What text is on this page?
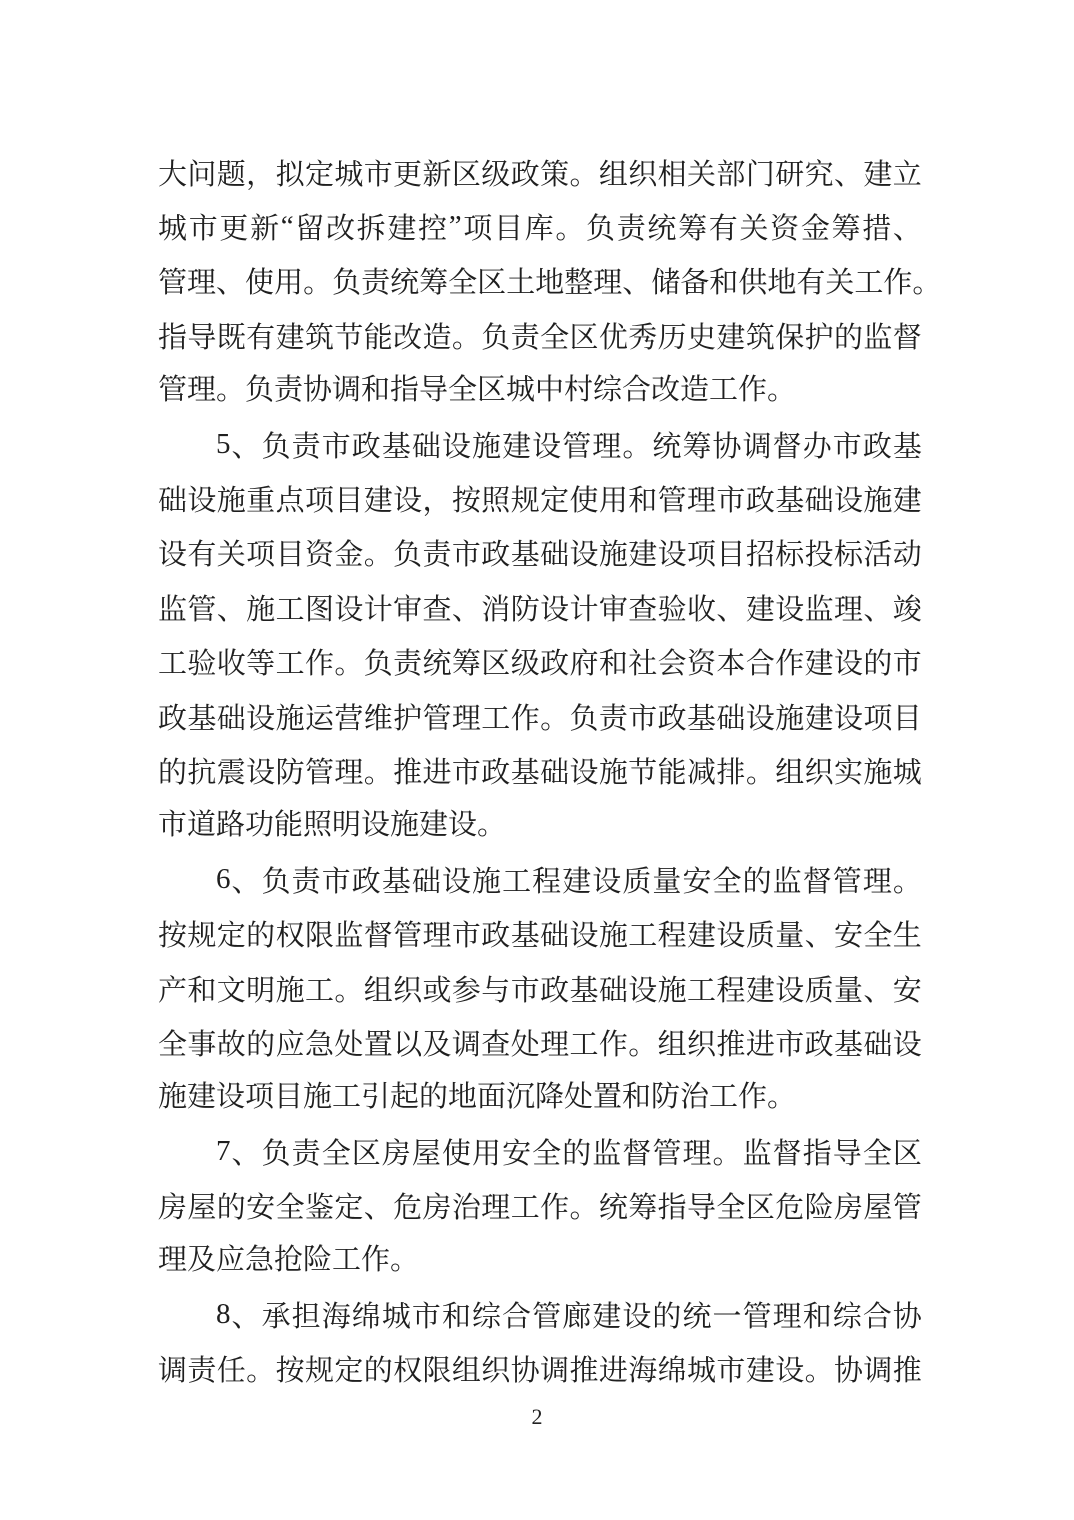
大 问 题 ， 拟 定 城 市 更 新 区 级 政 策 。 组 织 相 关 部 门 研 究 、 建 立
城 市 更 新 “ 留 改 拆 建 控 ” 项 目 库 。 负 责 统 筹 有 关 资 金 筹 措 、
管 理 、 使 用 。 负 责 统 筹 全 区 土 地 整 理 、 储 备 和 供 地 有 关 工 作 。
指 导 既 有 建 筑 节 能 改 造 。 负 责 全 区 优 秀 历 史 建 筑 保 护 的 监 督
管理。负责协调和指导全区城中村综合改造工作。
5 、 负 责 市 政 基 础 设 施 建 设 管 理 。 统 筹 协 调 督 办 市 政 基
础 设 施 重 点 项 目 建 设 ， 按 照 规 定 使 用 和 管 理 市 政 基 础 设 施 建
设 有 关 项 目 资 金 。 负 责 市 政 基 础 设 施 建 设 项 目 招 标 投 标 活 动
监 管 、 施 工 图 设 计 审 查 、 消 防 设 计 审 查 验 收 、 建 设 监 理 、 竣
工 验 收 等 工 作 。 负 责 统 筹 区 级 政 府 和 社 会 资 本 合 作 建 设 的 市
政 基 础 设 施 运 营 维 护 管 理 工 作 。 负 责 市 政 基 础 设 施 建 设 项 目
的 抗 震 设 防 管 理 。 推 进 市 政 基 础 设 施 节 能 减 排 。 组 织 实 施 城
市道路功能照明设施建设。
6 、 负 责 市 政 基 础 设 施 工 程 建 设 质 量 安 全 的 监 督 管 理 。
按 规 定 的 权 限 监 督 管 理 市 政 基 础 设 施 工 程 建 设 质 量 、 安 全 生
产 和 文 明 施 工 。 组 织 或 参 与 市 政 基 础 设 施 工 程 建 设 质 量 、 安
全 事 故 的 应 急 处 置 以 及 调 查 处 理 工 作 。 组 织 推 进 市 政 基 础 设
施建设项目施工引起的地面沉降处置和防治工作。
7 、 负 责 全 区 房 屋 使 用 安 全 的 监 督 管 理 。 监 督 指 导 全 区
房 屋 的 安 全 鉴 定 、 危 房 治 理 工 作 。 统 筹 指 导 全 区 危 险 房 屋 管
理及应急抢险工作。
8 、 承 担 海 绵 城 市 和 综 合 管 廊 建 设 的 统 一 管 理 和 综 合 协
调 责 任 。 按 规 定 的 权 限 组 织 协 调 推 进 海 绵 城 市 建 设 。 协 调 推
2
